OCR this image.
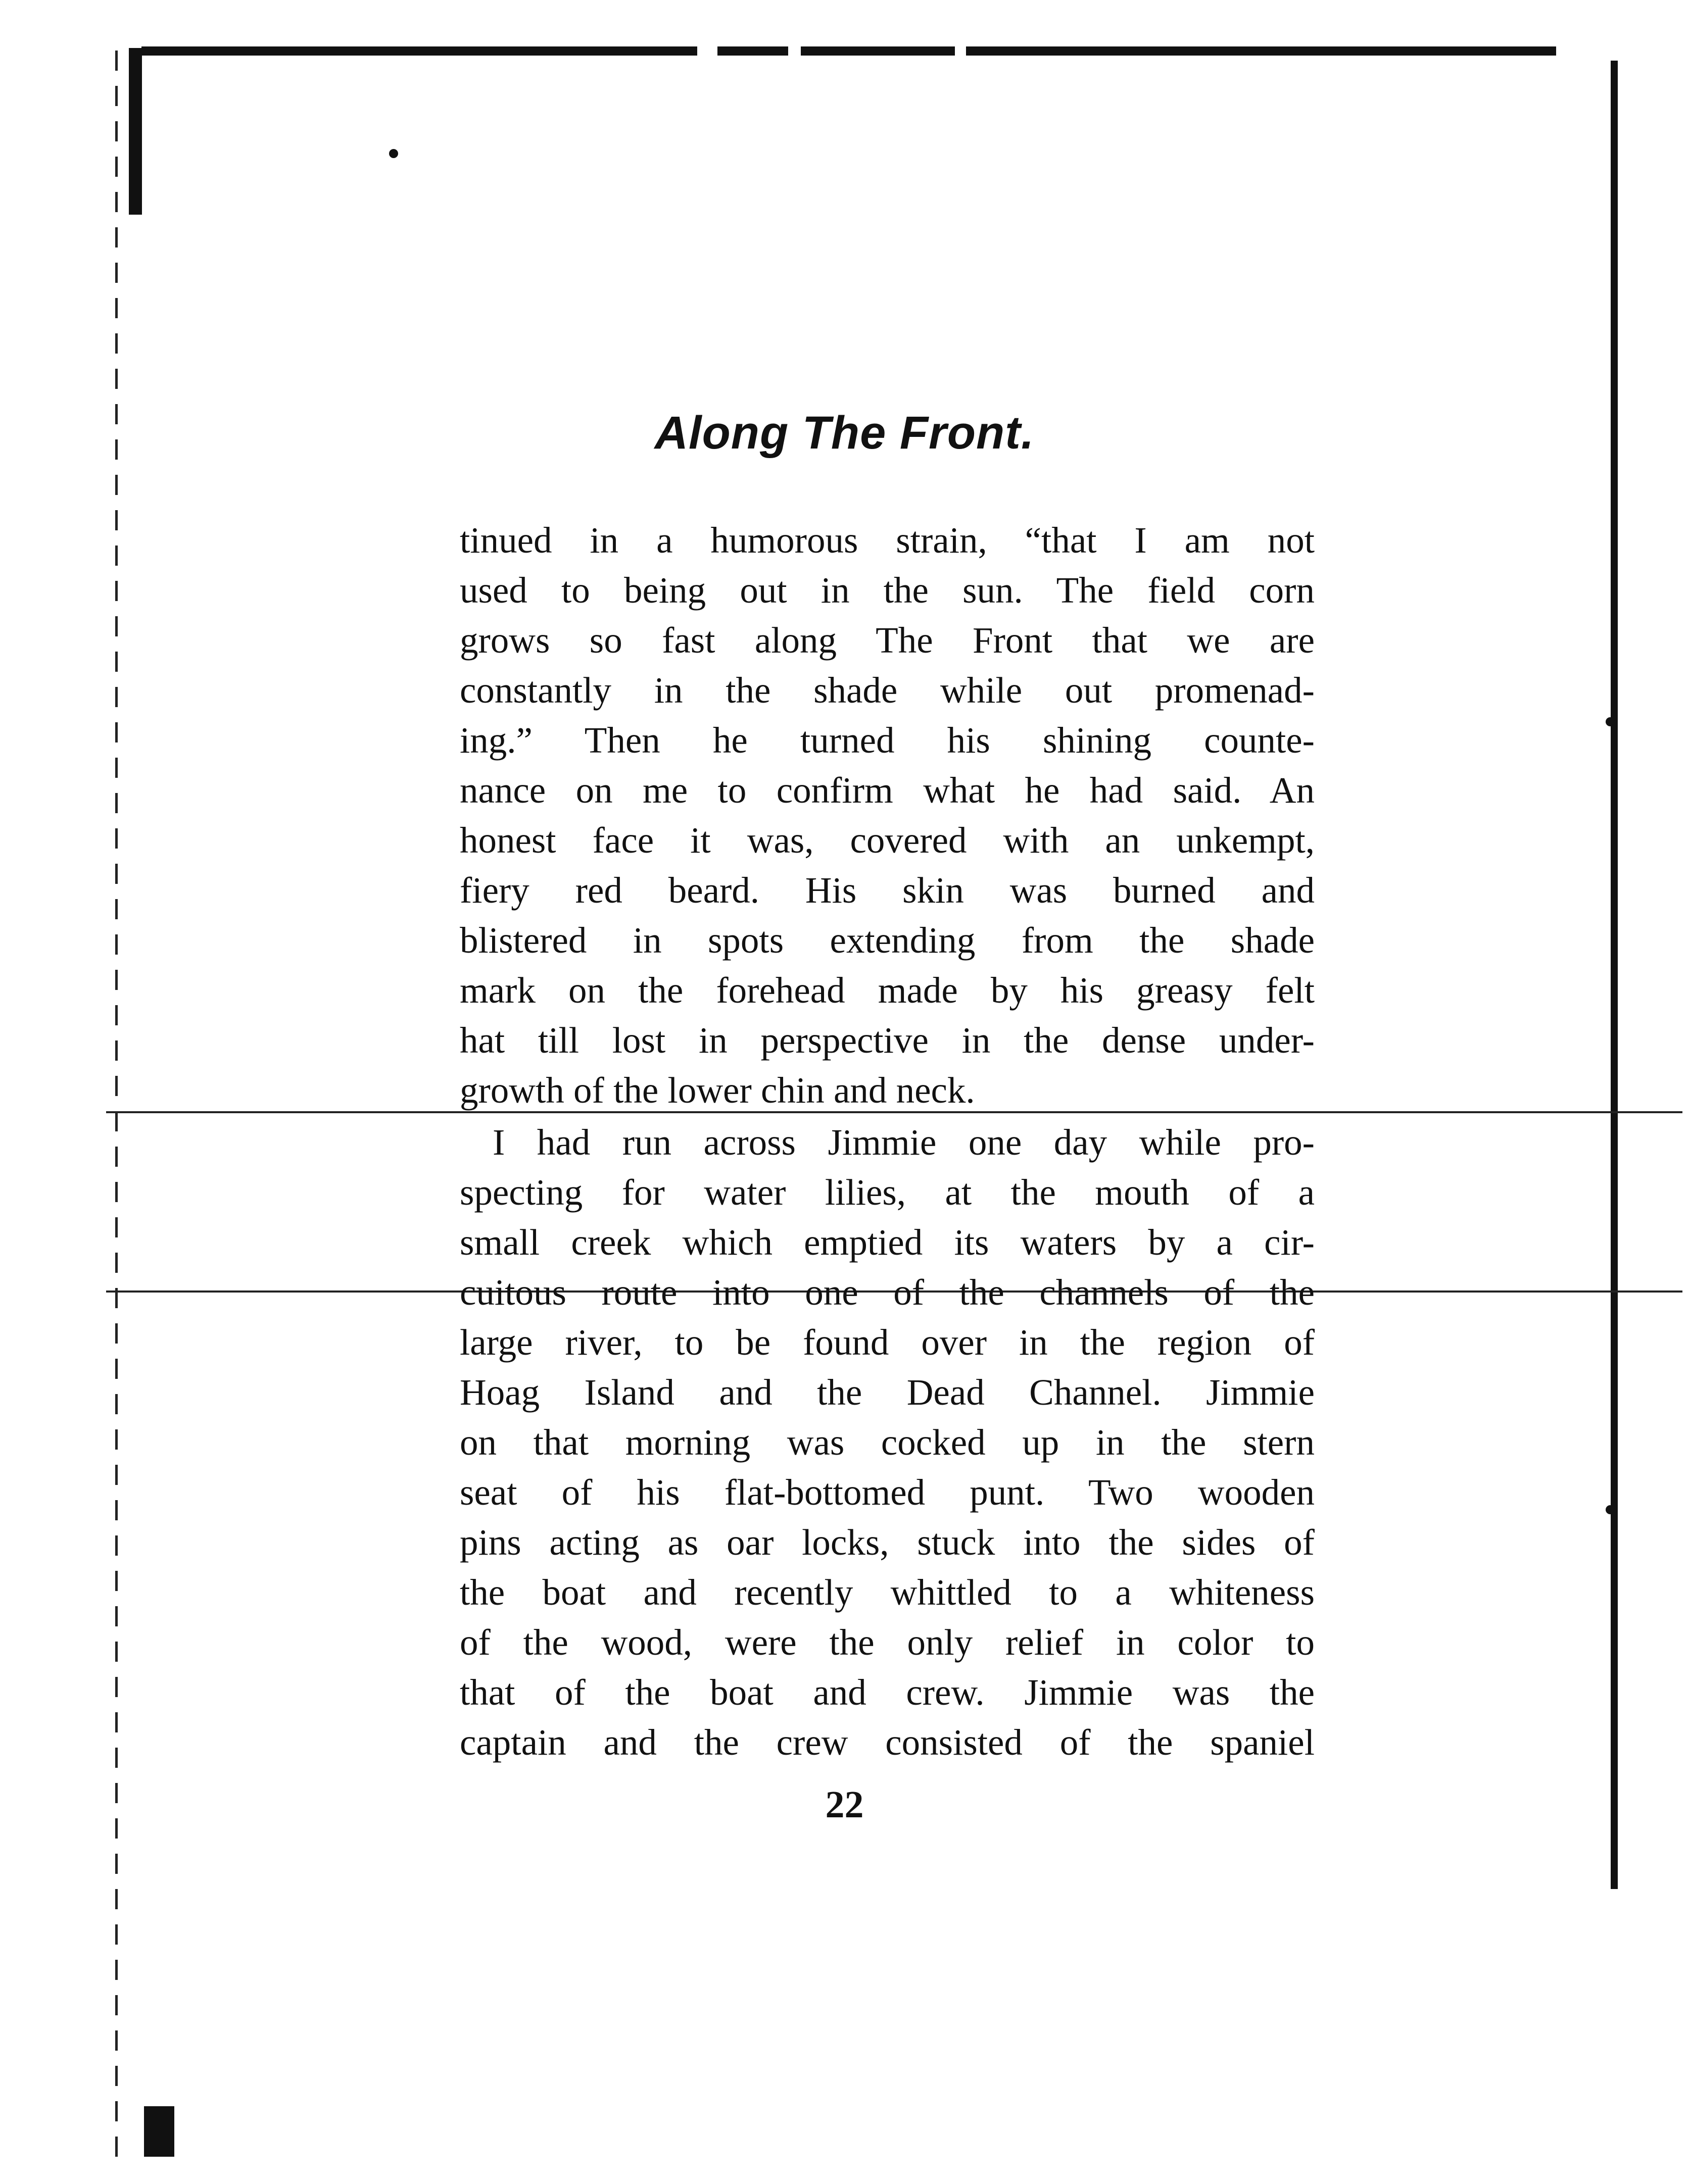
Along The Front.
tinued in a humorous strain, “that I am not
used to being out in the sun. The field corn
grows so fast along The Front that we are
constantly in the shade while out promenad-
ing.” Then he turned his shining counte-
nance on me to confirm what he had said. An
honest face it was, covered with an unkempt,
fiery red beard. His skin was burned and
blistered in spots extending from the shade
mark on the forehead made by his greasy felt
hat till lost in perspective in the dense under-
growth of the lower chin and neck.
I had run across Jimmie one day while pro-
specting for water lilies, at the mouth of a
small creek which emptied its waters by a cir-
cuitous route into one of the channels of the
large river, to be found over in the region of
Hoag Island and the Dead Channel. Jimmie
on that morning was cocked up in the stern
seat of his flat-bottomed punt. Two wooden
pins acting as oar locks, stuck into the sides of
the boat and recently whittled to a whiteness
of the wood, were the only relief in color to
that of the boat and crew. Jimmie was the
captain and the crew consisted of the spaniel
22
